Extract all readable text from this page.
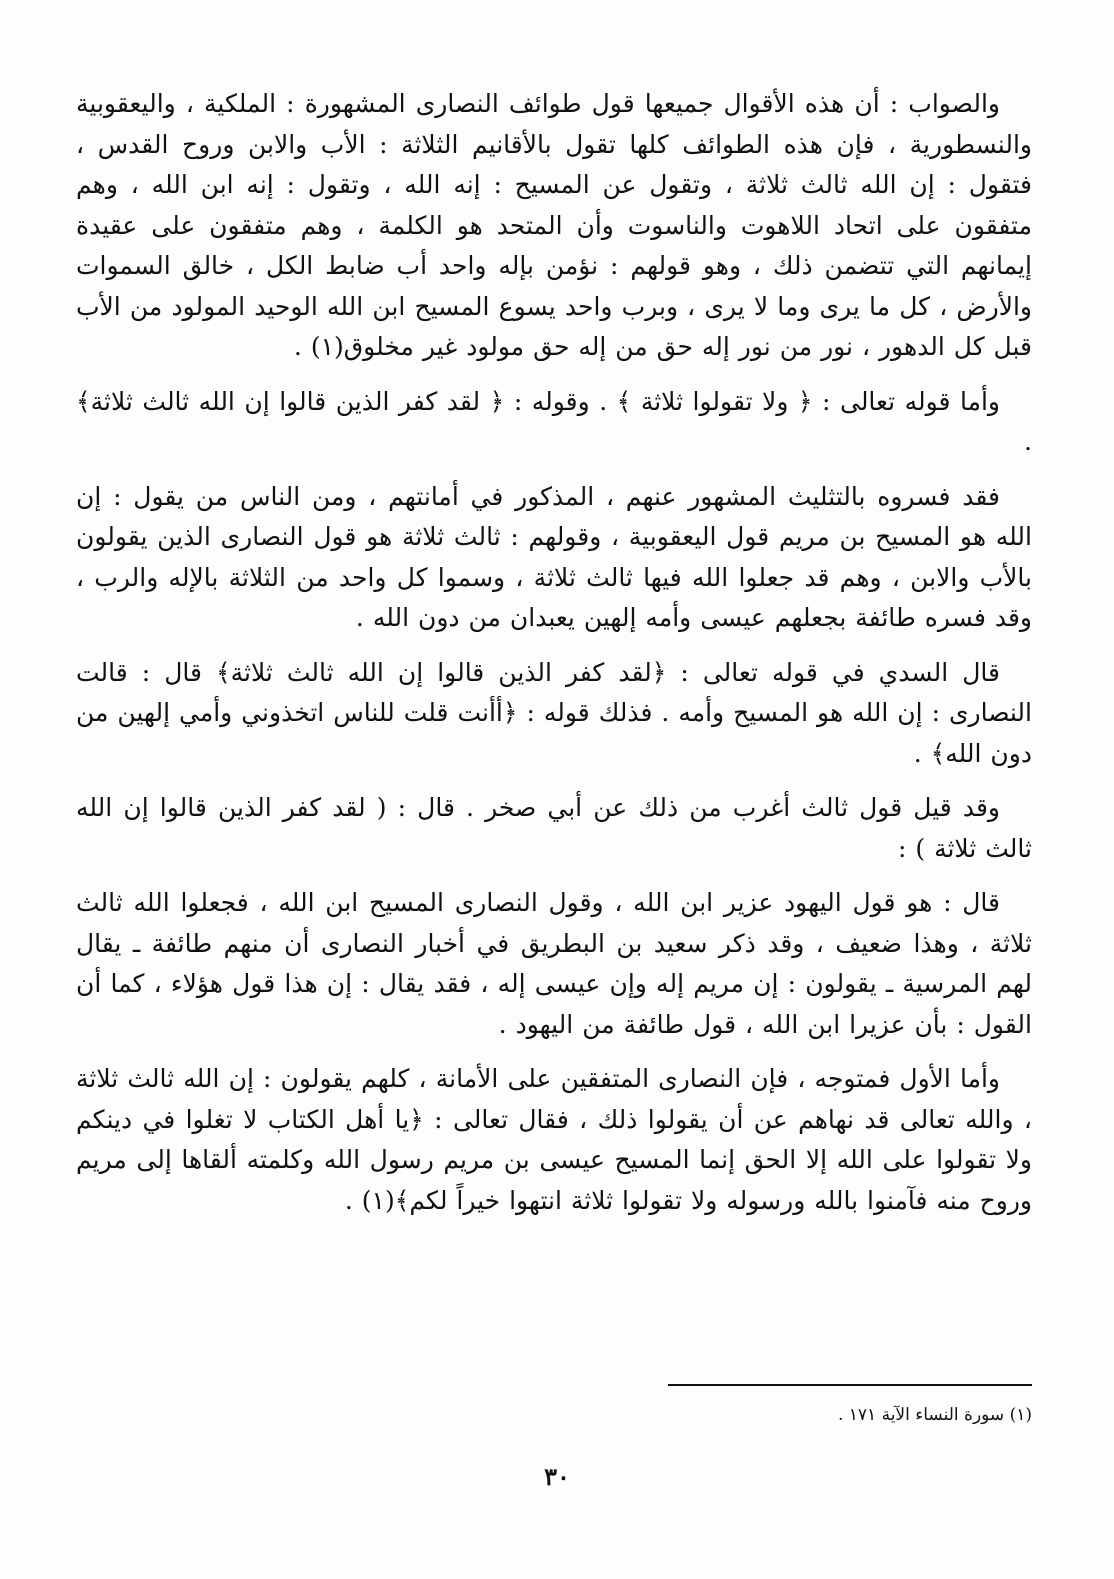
والصواب : أن هذه الأقوال جميعها قول طوائف النصارى المشهورة : الملكية ، واليعقوبية والنسطورية ، فإن هذه الطوائف كلها تقول بالأقانيم الثلاثة : الأب والابن وروح القدس ، فتقول : إن الله ثالث ثلاثة ، وتقول عن المسيح : إنه الله ، وتقول : إنه ابن الله ، وهم متفقون على اتحاد اللاهوت والناسوت وأن المتحد هو الكلمة ، وهم متفقون على عقيدة إيمانهم التي تتضمن ذلك ، وهو قولهم : نؤمن بإله واحد أب ضابط الكل ، خالق السموات والأرض ، كل ما يرى وما لا يرى ، وبرب واحد يسوع المسيح ابن الله الوحيد المولود من الأب قبل كل الدهور ، نور من نور إله حق من إله حق مولود غير مخلوق(١) .

وأما قوله تعالى : ﴿ ولا تقولوا ثلاثة ﴾ . وقوله : ﴿ لقد كفر الذين قالوا إن الله ثالث ثلاثة﴾ .

فقد فسروه بالتثليث المشهور عنهم ، المذكور في أمانتهم ، ومن الناس من يقول : إن الله هو المسيح بن مريم قول اليعقوبية ، وقولهم : ثالث ثلاثة هو قول النصارى الذين يقولون بالأب والابن ، وهم قد جعلوا الله فيها ثالث ثلاثة ، وسموا كل واحد من الثلاثة بالإله والرب ، وقد فسره طائفة بجعلهم عيسى وأمه إلهين يعبدان من دون الله .

قال السدي في قوله تعالى : ﴿لقد كفر الذين قالوا إن الله ثالث ثلاثة﴾ قال : قالت النصارى : إن الله هو المسيح وأمه . فذلك قوله : ﴿أأنت قلت للناس اتخذوني وأمي إلهين من دون الله﴾ .

وقد قيل قول ثالث أغرب من ذلك عن أبي صخر . قال : ( لقد كفر الذين قالوا إن الله ثالث ثلاثة ) :

قال : هو قول اليهود عزير ابن الله ، وقول النصارى المسيح ابن الله ، فجعلوا الله ثالث ثلاثة ، وهذا ضعيف ، وقد ذكر سعيد بن البطريق في أخبار النصارى أن منهم طائفة ـ يقال لهم المرسية ـ يقولون : إن مريم إله وإن عيسى إله ، فقد يقال : إن هذا قول هؤلاء ، كما أن القول : بأن عزيرا ابن الله ، قول طائفة من اليهود .

وأما الأول فمتوجه ، فإن النصارى المتفقين على الأمانة ، كلهم يقولون : إن الله ثالث ثلاثة ، والله تعالى قد نهاهم عن أن يقولوا ذلك ، فقال تعالى : ﴿يا أهل الكتاب لا تغلوا في دينكم ولا تقولوا على الله إلا الحق إنما المسيح عيسى بن مريم رسول الله وكلمته ألقاها إلى مريم وروح منه فآمنوا بالله ورسوله ولا تقولوا ثلاثة انتهوا خيراً لكم﴾(١) .

(١) سورة النساء الآية ١٧١ .
٣٠
